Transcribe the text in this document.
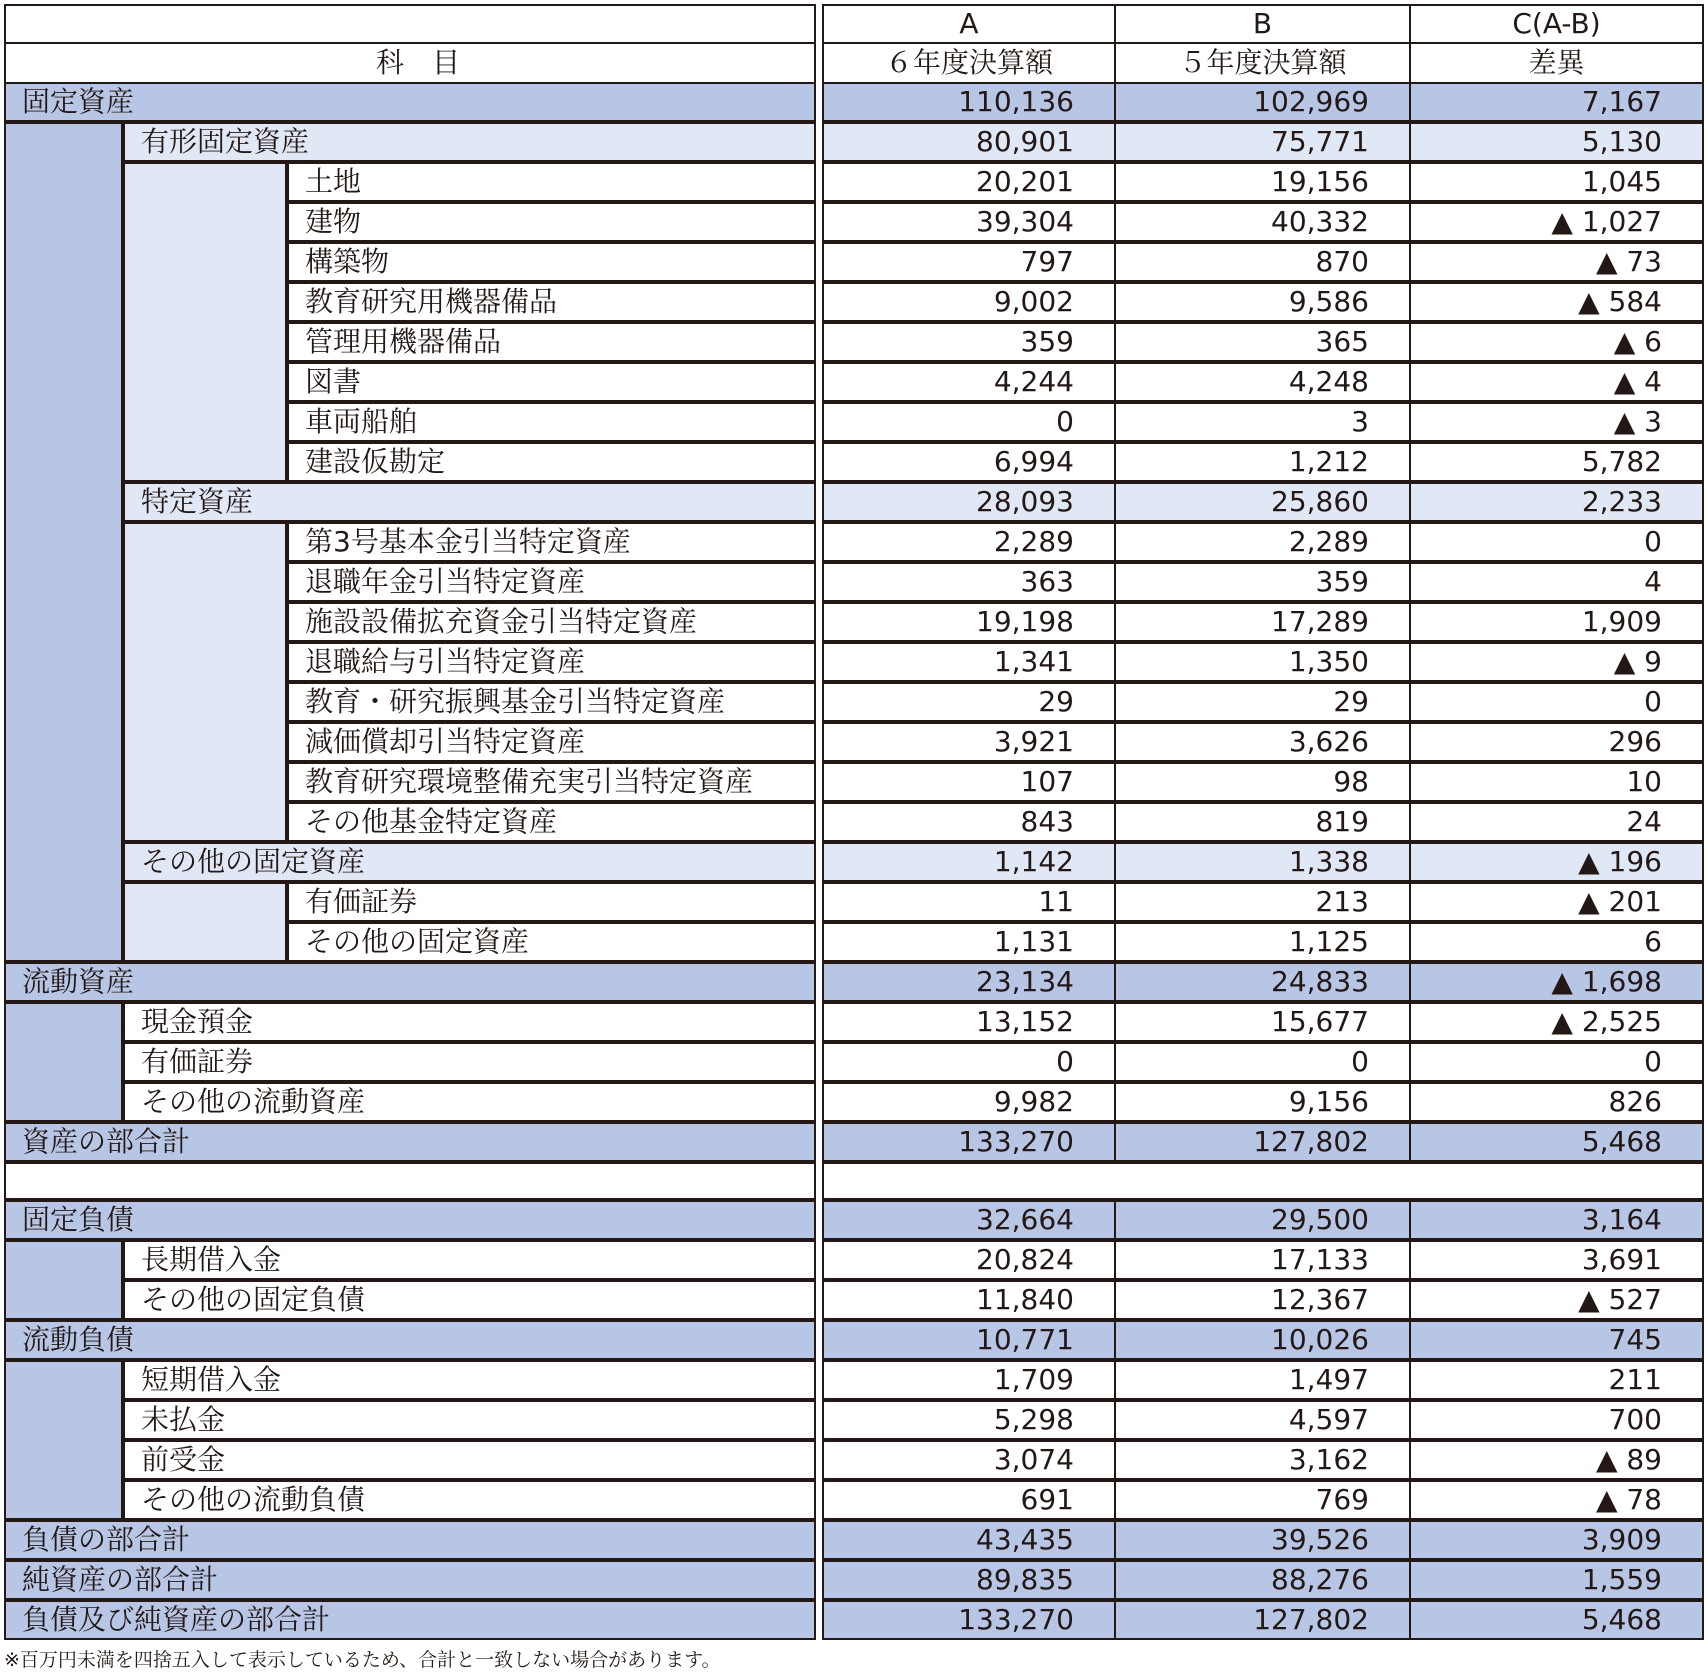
科　目
A	B	C(A-B)
６年度決算額	５年度決算額	差異
固定資産	110,136	102,969	7,167
有形固定資産	80,901	75,771	5,130
土地	20,201	19,156	1,045
建物	39,304	40,332	▲ 1,027
構築物	797	870	▲ 73
教育研究用機器備品	9,002	9,586	▲ 584
管理用機器備品	359	365	▲ 6
図書	4,244	4,248	▲ 4
車両船舶	0	3	▲ 3
建設仮勘定	6,994	1,212	5,782
特定資産	28,093	25,860	2,233
第3号基本金引当特定資産	2,289	2,289	0
退職年金引当特定資産	363	359	4
施設設備拡充資金引当特定資産	19,198	17,289	1,909
退職給与引当特定資産	1,341	1,350	▲ 9
教育・研究振興基金引当特定資産	29	29	0
減価償却引当特定資産	3,921	3,626	296
教育研究環境整備充実引当特定資産	107	98	10
その他基金特定資産	843	819	24
その他の固定資産	1,142	1,338	▲ 196
有価証券	11	213	▲ 201
その他の固定資産	1,131	1,125	6
流動資産	23,134	24,833	▲ 1,698
現金預金	13,152	15,677	▲ 2,525
有価証券	0	0	0
その他の流動資産	9,982	9,156	826
資産の部合計	133,270	127,802	5,468
固定負債	32,664	29,500	3,164
長期借入金	20,824	17,133	3,691
その他の固定負債	11,840	12,367	▲ 527
流動負債	10,771	10,026	745
短期借入金	1,709	1,497	211
未払金	5,298	4,597	700
前受金	3,074	3,162	▲ 89
その他の流動負債	691	769	▲ 78
負債の部合計	43,435	39,526	3,909
純資産の部合計	89,835	88,276	1,559
負債及び純資産の部合計	133,270	127,802	5,468
※百万円未満を四捨五入して表示しているため、合計と一致しない場合があります。
